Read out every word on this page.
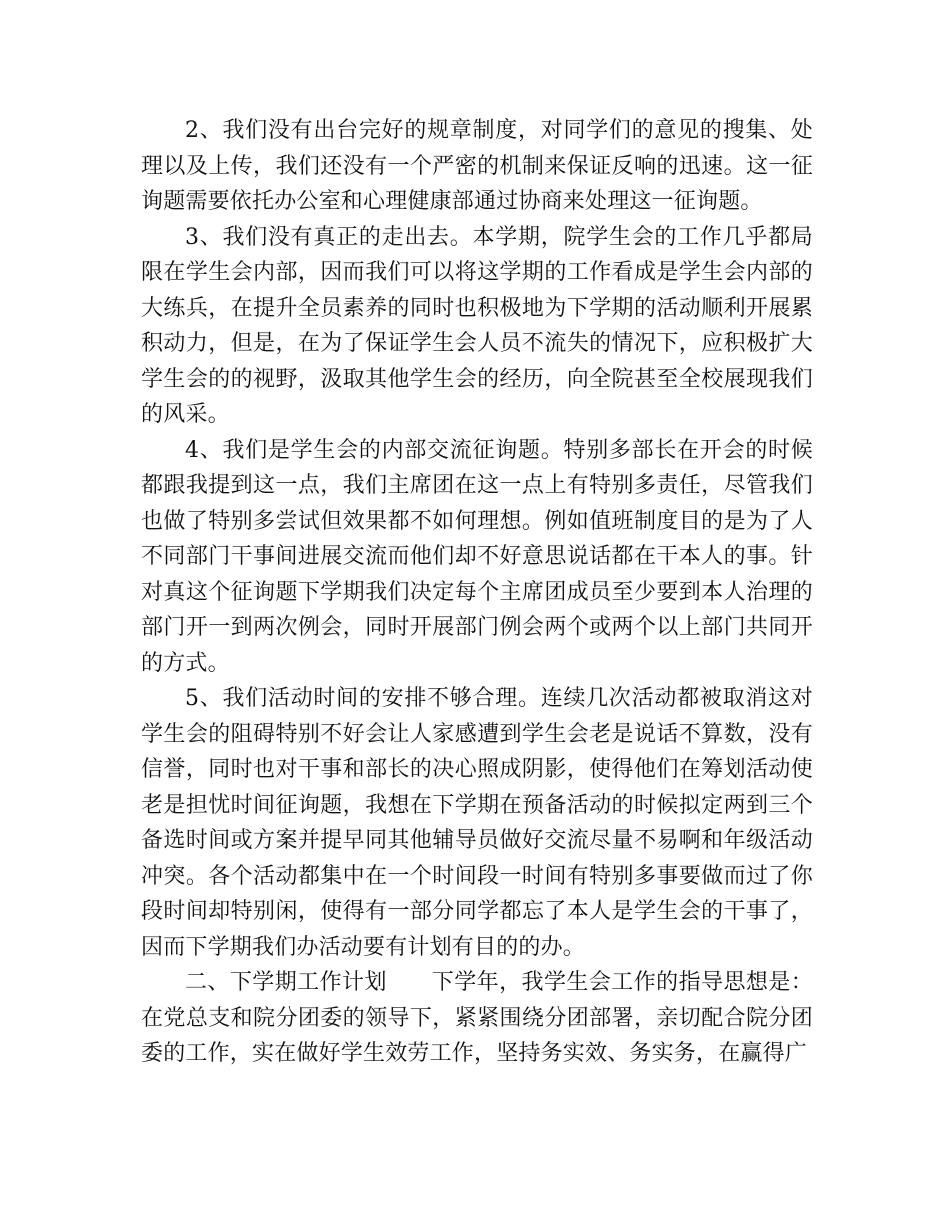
2、我们没有出台完好的规章制度，对同学们的意见的搜集、处理以及上传，我们还没有一个严密的机制来保证反响的迅速。这一征询题需要依托办公室和心理健康部通过协商来处理这一征询题。

3、我们没有真正的走出去。本学期，院学生会的工作几乎都局限在学生会内部，因而我们可以将这学期的工作看成是学生会内部的大练兵，在提升全员素养的同时也积极地为下学期的活动顺利开展累积动力，但是，在为了保证学生会人员不流失的情况下，应积极扩大学生会的的视野，汲取其他学生会的经历，向全院甚至全校展现我们的风采。

4、我们是学生会的内部交流征询题。特别多部长在开会的时候都跟我提到这一点，我们主席团在这一点上有特别多责任，尽管我们也做了特别多尝试但效果都不如何理想。例如值班制度目的是为了人不同部门干事间进展交流而他们却不好意思说话都在干本人的事。针对真这个征询题下学期我们决定每个主席团成员至少要到本人治理的部门开一到两次例会，同时开展部门例会两个或两个以上部门共同开的方式。

5、我们活动时间的安排不够合理。连续几次活动都被取消这对学生会的阻碍特别不好会让人家感遭到学生会老是说话不算数，没有信誉，同时也对干事和部长的决心照成阴影，使得他们在筹划活动使老是担忧时间征询题，我想在下学期在预备活动的时候拟定两到三个备选时间或方案并提早同其他辅导员做好交流尽量不易啊和年级活动冲突。各个活动都集中在一个时间段一时间有特别多事要做而过了你段时间却特别闲，使得有一部分同学都忘了本人是学生会的干事了，因而下学期我们办活动要有计划有目的的办。

二、下学期工作计划　　下学年，我学生会工作的指导思想是：在党总支和院分团委的领导下，紧紧围绕分团部署，亲切配合院分团委的工作，实在做好学生效劳工作，坚持务实效、务实务，在赢得广
